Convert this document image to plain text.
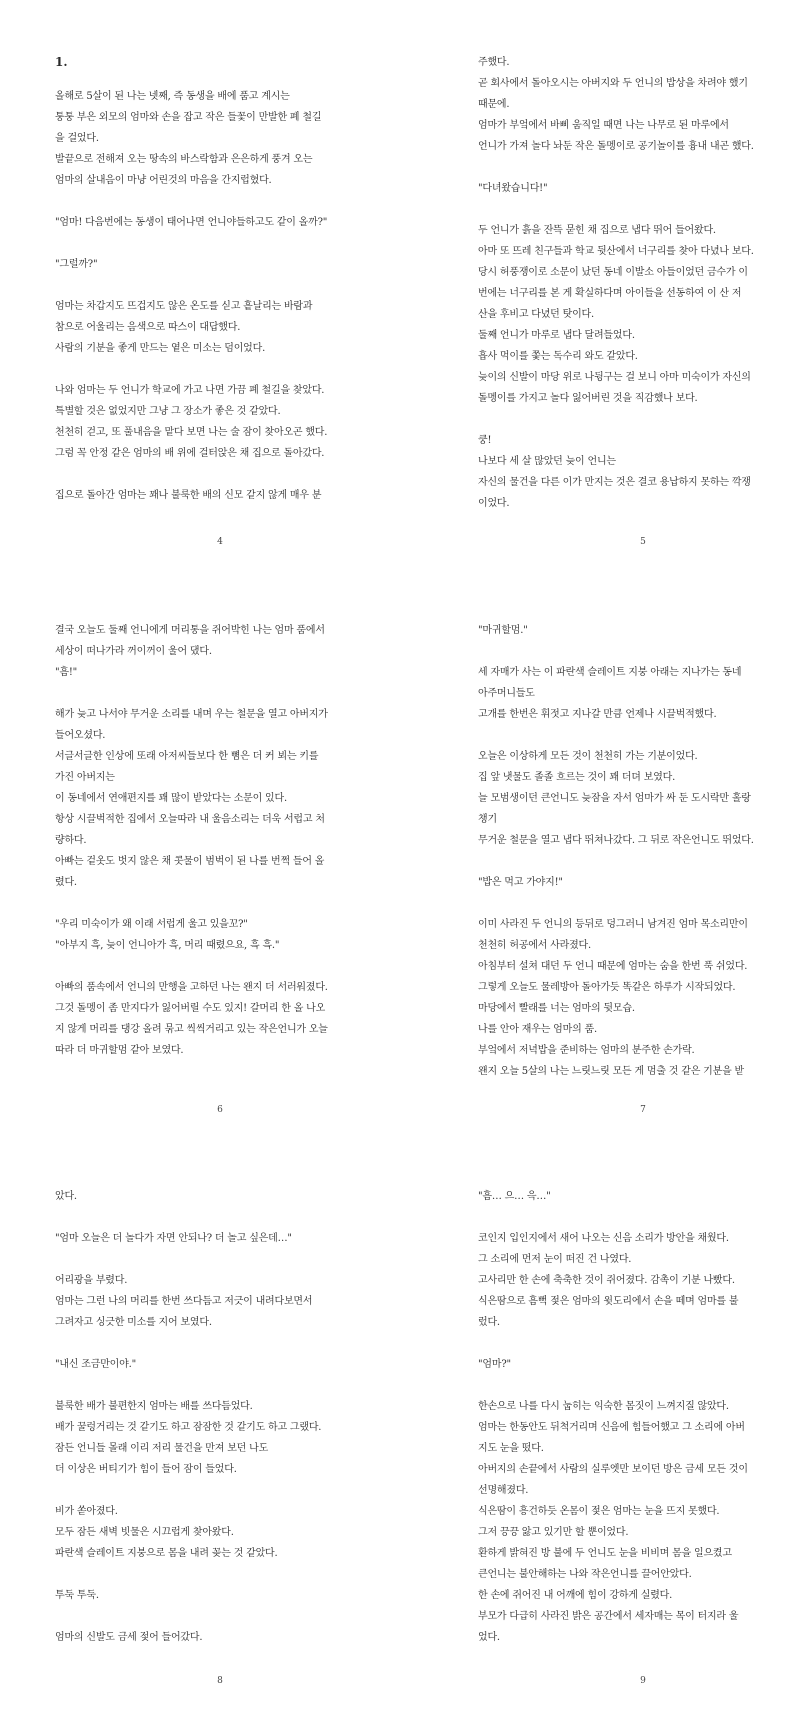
1.
올해로 5살이 된 나는 넷째, 즉 동생을 배에 품고 계시는
퉁퉁 부은 외모의 엄마와 손을 잡고 작은 들꽃이 만발한 폐 철길
을 걸었다.
발끝으로 전해져 오는 땅속의 바스락함과 은은하게 풍겨 오는
엄마의 살내음이 마냥 어린것의 마음을 간지럽혔다.
"엄마! 다음번에는 동생이 태어나면 언니야들하고도 같이 올까?"
"그럴까?"
엄마는 차갑지도 뜨겁지도 않은 온도를 싣고 흩날리는 바람과
참으로 어울리는 음색으로 따스이 대답했다.
사람의 기분을 좋게 만드는 옅은 미소는 덤이었다.
나와 엄마는 두 언니가 학교에 가고 나면 가끔 폐 철길을 찾았다.
특별할 것은 없었지만 그냥 그 장소가 좋은 것 같았다.
천천히 걷고, 또 풀내음을 맡다 보면 나는 술 잠이 찾아오곤 했다.
그럼 꼭 안정 같은 엄마의 배 위에 걸터앉은 채 집으로 돌아갔다.
집으로 돌아간 엄마는 꽤나 불룩한 배의 신모 같지 않게 매우 분
주했다.
곧 회사에서 돌아오시는 아버지와 두 언니의 밥상을 차려야 했기
때문에.
엄마가 부엌에서 바삐 움직일 때면 나는 나무로 된 마루에서
언니가 가져 놀다 놔둔 작은 돌멩이로 공기놀이를 흉내 내곤 했다.
"다녀왔습니다!"
두 언니가 흙을 잔뜩 묻힌 채 집으로 냅다 뛰어 들어왔다.
아마 또 뜨레 친구들과 학교 뒷산에서 너구리를 찾아 다녔나 보다.
당시 허풍쟁이로 소문이 났던 동네 이발소 아들이었던 금수가 이
번에는 너구리를 본 게 확실하다며 아이들을 선동하여 이 산 저
산을 후비고 다녔던 탓이다.
둘째 언니가 마루로 냅다 달려들었다.
흡사 먹이를 쫓는 독수리 와도 같았다.
늦이의 신발이 마당 위로 나뒹구는 걸 보니 아마 미숙이가 자신의
돌멩이를 가지고 놀다 잃어버린 것을 직감했나 보다.
쿵!
나보다 세 살 많았던 늦이 언니는
자신의 물건을 다른 이가 만지는 것은 결코 용납하지 못하는 깍쟁
이었다.
결국 오늘도 둘째 언니에게 머리통을 쥐어박힌 나는 엄마 품에서
세상이 떠나가라 꺼이꺼이 울어 댔다.
"흠!"
해가 늦고 나서야 무거운 소리를 내며 우는 철문을 열고 아버지가
들어오셨다.
서글서글한 인상에 또래 아저씨들보다 한 뼘은 더 커 뵈는 키를
가진 아버지는
이 동네에서 연애편지를 꽤 많이 받았다는 소문이 있다.
항상 시끌벅적한 집에서 오늘따라 내 울음소리는 더욱 서럽고 처
량하다.
아빠는 겉옷도 벗지 않은 채 콧물이 범벅이 된 나를 번쩍 들어 올
렸다.
"우리 미숙이가 왜 이래 서럽게 울고 있을꼬?"
"아부지 흑, 늦이 언니아가 흑, 머리 때렸으요, 흑 흑."
아빠의 품속에서 언니의 만행을 고하던 나는 왠지 더 서러워졌다.
그것 돌멩이 좀 만지다가 잃어버릴 수도 있지! 갈머리 한 올 나오
지 않게 머리를 댕강 올려 묶고 씩씩거리고 있는 작은언니가 오늘
따라 더 마귀할멈 같아 보였다.
"마귀할멈."
세 자매가 사는 이 파란색 슬레이트 지붕 아래는 지나가는 동네
아주머니들도
고개를 한번은 휘젓고 지나갈 만큼 언제나 시끌벅적했다.
오늘은 이상하게 모든 것이 천천히 가는 기분이었다.
집 앞 냇물도 졸졸 흐르는 것이 꽤 더뎌 보였다.
늘 모범생이던 큰언니도 늦잠을 자서 엄마가 싸 둔 도시락만 홀랑
챙기
무거운 철문을 열고 냅다 뛰쳐나갔다. 그 뒤로 작은언니도 뛰었다.
"밥은 먹고 가야지!"
이미 사라진 두 언니의 등뒤로 덩그러니 남겨진 엄마 목소리만이
천천히 허공에서 사라졌다.
아침부터 설쳐 대던 두 언니 때문에 엄마는 숨을 한번 푹 쉬었다.
그렇게 오늘도 물레방아 돌아가듯 똑같은 하루가 시작되었다.
마당에서 빨래를 너는 엄마의 뒷모습.
나를 안아 재우는 엄마의 품.
부엌에서 저녁밥을 준비하는 엄마의 분주한 손가락.
왠지 오늘 5살의 나는 느릿느릿 모든 게 멈출 것 같은 기분을 받
았다.
"엄마 오늘은 더 놀다가 자면 안되나? 더 놀고 싶은데…"
어리광을 부렸다.
엄마는 그런 나의 머리를 한번 쓰다듬고 저긋이 내려다보면서
그려자고 싱긋한 미소를 지어 보였다.
"내신 조금만이야."
불룩한 배가 불편한지 엄마는 배를 쓰다듬었다.
배가 꿀렁거리는 것 같기도 하고 잠잠한 것 같기도 하고 그랬다.
잠든 언니들 몰래 이리 저리 물건을 만져 보던 나도
더 이상은 버티기가 힘이 들어 잠이 들었다.
비가 쏟아졌다.
모두 잠든 새벽 빗물은 시끄럽게 찾아왔다.
파란색 슬레이트 지붕으로 몸을 내려 꽂는 것 같았다.
투둑 투둑.
엄마의 신발도 금세 젖어 들어갔다.
"흠… 으… 윽…"
코인지 입인지에서 새어 나오는 신음 소리가 방안을 채웠다.
그 소리에 먼저 눈이 떠진 건 나였다.
고사리만 한 손에 축축한 것이 쥐어졌다. 감촉이 기분 나빴다.
식은땀으로 흠뻑 젖은 엄마의 윗도리에서 손을 떼며 엄마를 불
렀다.
"엄마?"
한손으로 나를 다시 눕히는 익숙한 몸짓이 느껴지질 않았다.
엄마는 한동안도 뒤척거리며 신음에 힘들어했고 그 소리에 아버
지도 눈을 떴다.
아버지의 손끝에서 사람의 실루엣만 보이던 방은 금세 모든 것이
선명해졌다.
식은땀이 흥건하듯 온몸이 젖은 엄마는 눈을 뜨지 못했다.
그저 끙끙 앓고 있기만 할 뿐이었다.
환하게 밝혀진 방 불에 두 언니도 눈을 비비며 몸을 일으켰고
큰언니는 불안해하는 나와 작은언니를 끌어안았다.
한 손에 쥐어진 내 어깨에 힘이 강하게 실렸다.
부모가 다급히 사라진 밝은 공간에서 세자매는 목이 터지라 울
었다.
4	5
6	7
8	9
